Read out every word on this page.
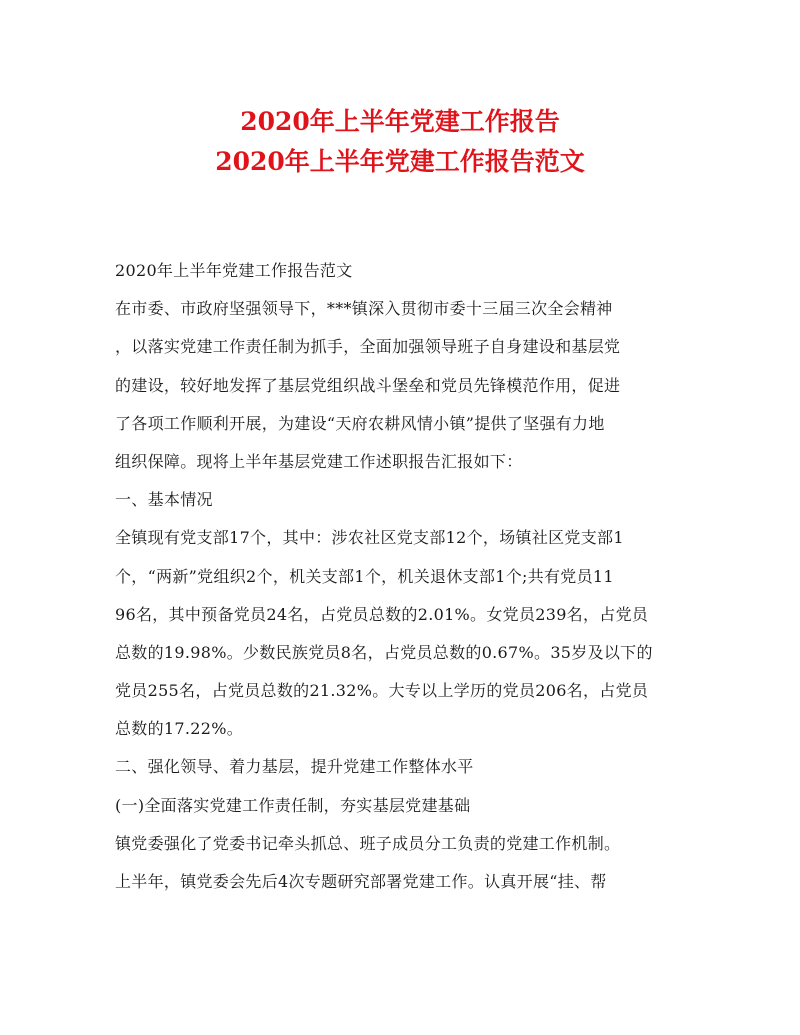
2020年上半年党建工作报告
2020年上半年党建工作报告范文
2020年上半年党建工作报告范文
在市委、市政府坚强领导下，***镇深入贯彻市委十三届三次全会精神
，以落实党建工作责任制为抓手，全面加强领导班子自身建设和基层党
的建设，较好地发挥了基层党组织战斗堡垒和党员先锋模范作用，促进
了各项工作顺利开展，为建设“天府农耕风情小镇”提供了坚强有力地
组织保障。现将上半年基层党建工作述职报告汇报如下：
一、基本情况
全镇现有党支部17个，其中：涉农社区党支部12个，场镇社区党支部1
个，“两新”党组织2个，机关支部1个，机关退休支部1个;共有党员11
96名，其中预备党员24名，占党员总数的2.01%。女党员239名，占党员
总数的19.98%。少数民族党员8名，占党员总数的0.67%。35岁及以下的
党员255名，占党员总数的21.32%。大专以上学历的党员206名，占党员
总数的17.22%。
二、强化领导、着力基层，提升党建工作整体水平
(一)全面落实党建工作责任制，夯实基层党建基础
镇党委强化了党委书记牵头抓总、班子成员分工负责的党建工作机制。
上半年，镇党委会先后4次专题研究部署党建工作。认真开展“挂、帮
